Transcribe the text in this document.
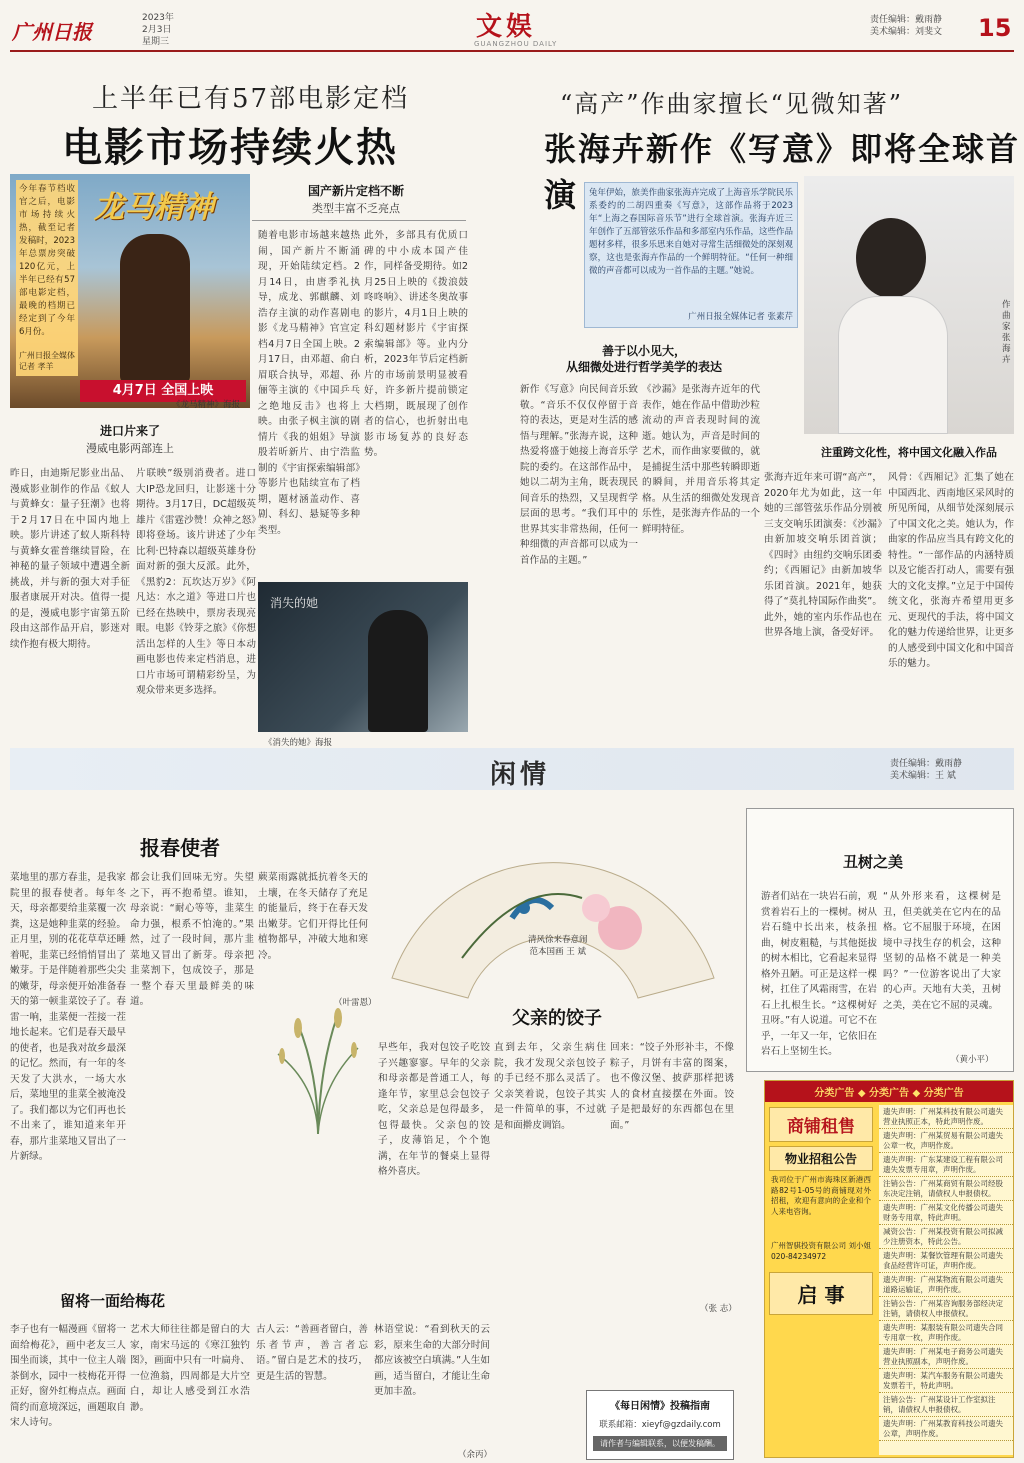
广州日报
2023年
2月3日
星期三	文娱
GUANGZHOU DAILY
责任编辑：戴雨静
美术编辑：刘斐文 15
上半年已有57部电影定档
电影市场持续火热
今年春节档收官之后，电影市场持续火热，截至记者发稿时，2023年总票房突破120亿元，上半年已经有57部电影定档，最晚的档期已经定到了今年6月份。
广州日报全媒体记者 孝羊
龙马精神
4月7日 全国上映
《龙马精神》海报
国产新片定档不断
类型丰富不乏亮点
进口片来了
漫威电影两部连上
昨日，由迪斯尼影业出品、漫威影业制作的作品《蚁人与黄蜂女：量子狂潮》也将于2月17日在中国内地上映。影片讲述了蚁人斯科特与黄蜂女霍普继续冒险，在神秘的量子领域中遭遇全新挑战，并与新的强大对手征服者康展开对决。值得一提的是，漫威电影宇宙第五阶段由这部作品开启，影迷对续作抱有极大期待。
片联映”级别消费者。进口大IP恐龙回归，让影迷十分期待。3月17日，DC超级英雄片《雷霆沙赞！众神之怒》即将登场。该片讲述了少年比利·巴特森以超级英雄身份面对新的强大反派。此外，《黑豹2：瓦坎达万岁》《阿凡达：水之道》等进口片也已经在热映中，票房表现亮眼。电影《铃芽之旅》《你想活出怎样的人生》等日本动画电影也传来定档消息，进口片市场可谓精彩纷呈，为观众带来更多选择。
随着电影市场越来越热闹，国产新片不断涌现，开始陆续定档。2月14日，由唐季礼执导，成龙、郭麒麟、刘浩存主演的动作喜剧电影《龙马精神》官宣定档4月7日全国上映。2月17日，由邓超、俞白眉联合执导，邓超、孙俪等主演的《中国乒乓之绝地反击》也将上映。由张子枫主演的剧情片《我的姐姐》导演殷若昕新片、由宁浩监制的《宇宙探索编辑部》等影片也陆续宣布了档期，题材涵盖动作、喜剧、科幻、悬疑等多种类型。
此外，多部具有优质口碑的中小成本国产佳作，同样备受期待。如2月25日上映的《拨浪鼓咚咚响》、讲述冬奥故事的影片，4月1日上映的科幻题材影片《宇宙探索编辑部》等。业内分析，2023年节后定档新片的市场前景明显被看好，许多新片提前锁定大档期，既展现了创作者的信心，也折射出电影市场复苏的良好态势。
消失的她
《消失的她》海报
“高产”作曲家擅长“见微知著”
张海卉新作《写意》即将全球首演	兔年伊始，旅美作曲家张海卉完成了上海音乐学院民乐系委约的二胡四重奏《写意》，这部作品将于2023年“上海之春国际音乐节”进行全球首演。张海卉近三年创作了五部管弦乐作品和多部室内乐作品，这些作品题材多样，很多乐思来自她对寻常生活细微处的深刻观察，这也是张海卉作品的一个鲜明特征。“任何一种细微的声音都可以成为一首作品的主题。”她说。
广州日报全媒体记者 张素芹
作曲家张海卉
善于以小见大，
从细微处进行哲学美学的表达
新作《写意》向民间音乐致敬。“音乐不仅仅停留于音符的表达，更是对生活的感悟与理解。”张海卉说，这种热爱将盛于她接上海音乐学院的委约。在这部作品中，她以二胡为主角，既表现民间音乐的热烈，又呈现哲学层面的思考。“我们耳中的世界其实非常热闹，任何一种细微的声音都可以成为一首作品的主题。”
《沙漏》是张海卉近年的代表作，她在作品中借助沙粒流动的声音表现时间的流逝。她认为，声音是时间的艺术，而作曲家要做的，就是捕捉生活中那些转瞬即逝的瞬间，并用音乐将其定格。从生活的细微处发现音乐性，是张海卉作品的一个鲜明特征。
注重跨文化性，将中国文化融入作品
张海卉近年来可谓“高产”，2020年尤为如此，这一年她的三部管弦乐作品分别被三支交响乐团演奏：《沙漏》由新加坡交响乐团首演；《四时》由纽约交响乐团委约；《西厢记》由新加坡华乐团首演。2021年，她获得了“莫扎特国际作曲奖”。此外，她的室内乐作品也在世界各地上演，备受好评。
风骨：《西厢记》汇集了她在中国西北、西南地区采风时的所见所闻，从细节处深刻展示了中国文化之美。她认为，作曲家的作品应当具有跨文化的特性。“一部作品的内涵特质以及它能否打动人，需要有强大的文化支撑。”立足于中国传统文化，张海卉希望用更多元、更现代的手法，将中国文化的魅力传递给世界，让更多的人感受到中国文化和中国音乐的魅力。
闲情	责任编辑：戴雨静
美术编辑：王 斌
报春使者
菜地里的那方春韭，是我家院里的报春使者。每年冬天，母亲都要给韭菜覆一次粪，这是她种韭菜的经验。正月里，别的花花草草还睡着呢，韭菜已经悄悄冒出了嫩芽。于是伴随着那些尖尖的嫩芽，母亲便开始准备春天的第一顿韭菜饺子了。春雷一响，韭菜便一茬接一茬地长起来。它们是春天最早的使者，也是我对故乡最深的记忆。然而，有一年的冬天发了大洪水，一场大水后，菜地里的韭菜全被淹没了。我们都以为它们再也长不出来了，谁知道来年开春，那片韭菜地又冒出了一片新绿。
都会让我们回味无穷。失望之下，再不抱希望。谁知，母亲说：“耐心等等，韭菜生命力强，根系不怕淹的。”果然，过了一段时间，那片韭菜地又冒出了新芽。母亲把韭菜割下，包成饺子，那是一整个春天里最鲜美的味道。
蕨菜雨露就抵抗着冬天的土壤，在冬天储存了充足的能量后，终于在春天发出嫩芽。它们开得比任何植物都早，冲破大地和寒冷。
（叶雷恩）
清风徐来春意闹
范本国画 王 斌
父亲的饺子
早些年，我对包饺子吃饺子兴趣寥寥。早年的父亲和母亲都是普通工人，每逢年节，家里总会包饺子吃，父亲总是包得最多，包得最快。父亲包的饺子，皮薄馅足，个个饱满，在年节的餐桌上显得格外喜庆。
直到去年，父亲生病住院，我才发现父亲包饺子的手已经不那么灵活了。父亲笑着说，包饺子其实是一件简单的事，不过就是和面擀皮调馅。
回来：“饺子外形补丰，不像粽子，月饼有丰富的图案，也不像汉堡、披萨那样把诱人的食材直接摆在外面。饺子是把最好的东西都包在里面。”
（张 志）
丑树之美
游者们站在一块岩石前，观赏着岩石上的一棵树。树从岩石缝中长出来，枝条扭曲，树皮粗糙，与其他挺拔的树木相比，它看起来显得格外丑陋。可正是这样一棵树，扛住了风霜雨雪，在岩石上扎根生长。“这棵树好丑呀。”有人说道。可它不在乎，一年又一年，它依旧在岩石上坚韧生长。
“从外形来看，这棵树是丑，但美就美在它内在的品格。它不屈服于环境，在困境中寻找生存的机会，这种坚韧的品格不就是一种美吗？”一位游客说出了大家的心声。天地有大美，丑树之美，美在它不屈的灵魂。
（黄小平）
留将一面给梅花
李子也有一幅漫画《留将一面给梅花》，画中老友三人围坐而谈，其中一位主人端茶倒水，园中一枝梅花开得正好，窗外红梅点点。画面简约而意境深远，画题取自宋人诗句。
艺术大师往往都是留白的大家，南宋马远的《寒江独钓图》，画面中只有一叶扁舟、一位渔翁，四周都是大片空白，却让人感受到江水浩渺。
古人云：“善画者留白，善乐者节声，善言者忘语。”留白是艺术的技巧，更是生活的智慧。
林语堂说：“看到秋天的云彩，原来生命的大部分时间都应该被空白填满。”人生如画，适当留白，才能让生命更加丰盈。
（余丙）
《每日闲情》投稿指南
联系邮箱：xieyf@gzdaily.com
请作者与编辑联系，以便发稿酬。
分类广告 ◆ 分类广告 ◆ 分类广告
商铺租售
物业招租公告
我司位于广州市海珠区新港西路82号1-05号的商铺现对外招租，欢迎有意向的企业和个人来电咨询。
广州智骐投资有限公司 刘小姐 020-84234972
启 事
遗失声明：广州某科技有限公司遗失营业执照正本，特此声明作废。
遗失声明：广州某贸易有限公司遗失公章一枚，声明作废。
遗失声明：广东某建设工程有限公司遗失发票专用章，声明作废。
注销公告：广州某商贸有限公司经股东决定注销，请债权人申报债权。
遗失声明：广州某文化传播公司遗失财务专用章，特此声明。
减资公告：广州某投资有限公司拟减少注册资本，特此公告。
遗失声明：某餐饮管理有限公司遗失食品经营许可证，声明作废。
遗失声明：广州某物流有限公司遗失道路运输证，声明作废。
注销公告：广州某咨询服务部经决定注销，请债权人申报债权。
遗失声明：某服装有限公司遗失合同专用章一枚，声明作废。
遗失声明：广州某电子商务公司遗失营业执照副本，声明作废。
遗失声明：某汽车服务有限公司遗失发票若干，特此声明。
注销公告：广州某设计工作室拟注销，请债权人申报债权。
遗失声明：广州某教育科技公司遗失公章，声明作废。
